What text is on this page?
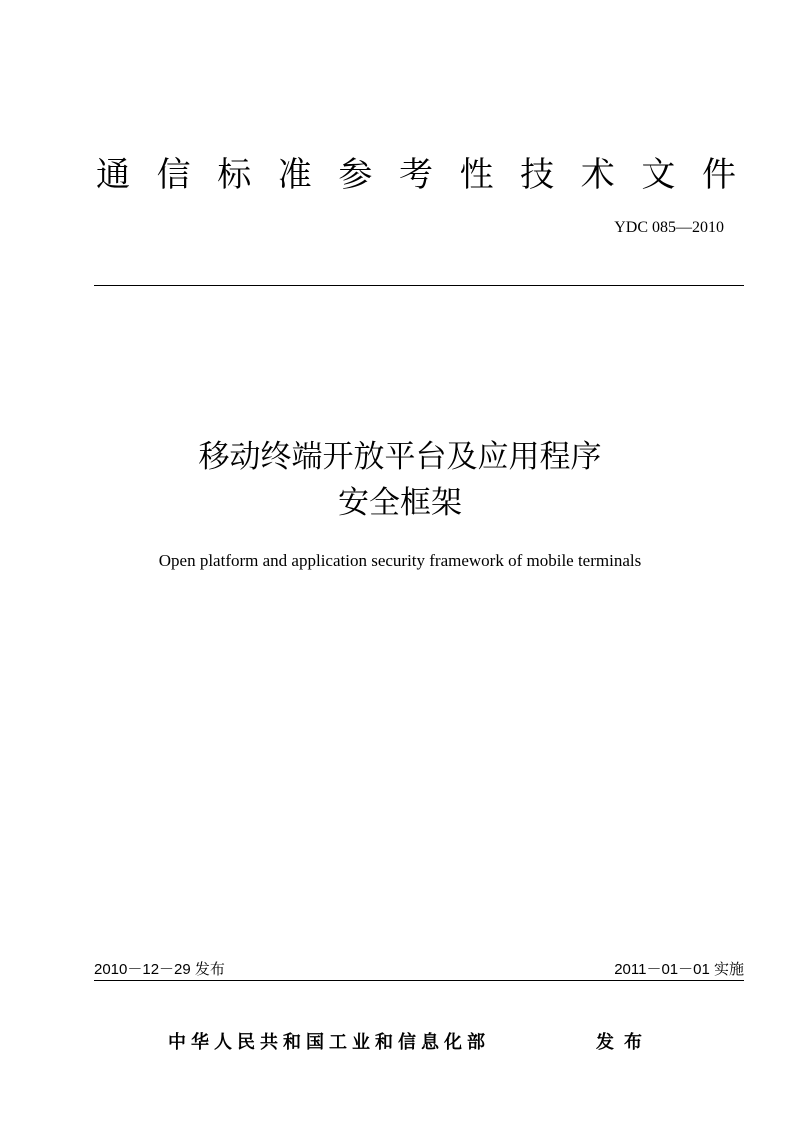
通 信 标 准 参 考 性 技 术 文 件
YDC 085—2010

移动终端开放平台及应用程序

安全框架

Open platform and application security framework of mobile terminals
2010－12－29 发布	2011－01－01 实施
中华人民共和国工业和信息化部	发布
